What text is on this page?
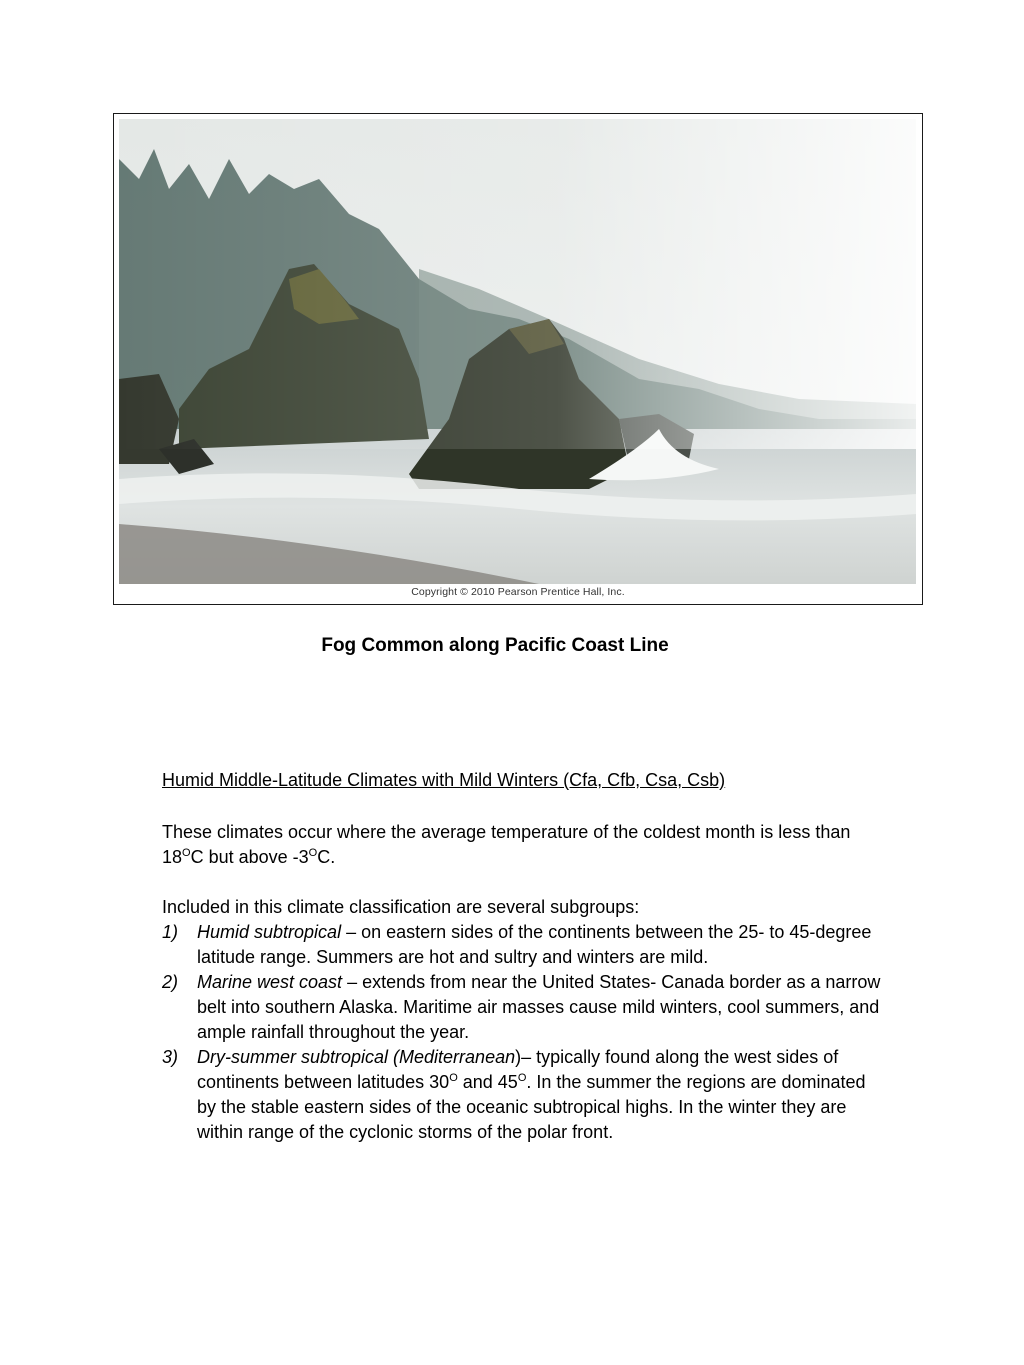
Copyright © 2010 Pearson Prentice Hall, Inc.
Fog Common along Pacific Coast Line
Humid Middle-Latitude Climates with Mild Winters (Cfa, Cfb, Csa, Csb)
These climates occur where the average temperature of the coldest month is less than $18^OC$ but above $-3^OC$.
Included in this climate classification are several subgroups:
1) Humid subtropical – on eastern sides of the continents between the 25- to 45-degree latitude range. Summers are hot and sultry and winters are mild.
2) Marine west coast – extends from near the United States- Canada border as a narrow belt into southern Alaska. Maritime air masses cause mild winters, cool summers, and ample rainfall throughout the year.
3) Dry-summer subtropical (Mediterranean)– typically found along the west sides of continents between latitudes $30^O$ and $45^O$. In the summer the regions are dominated by the stable eastern sides of the oceanic subtropical highs. In the winter they are within range of the cyclonic storms of the polar front.
